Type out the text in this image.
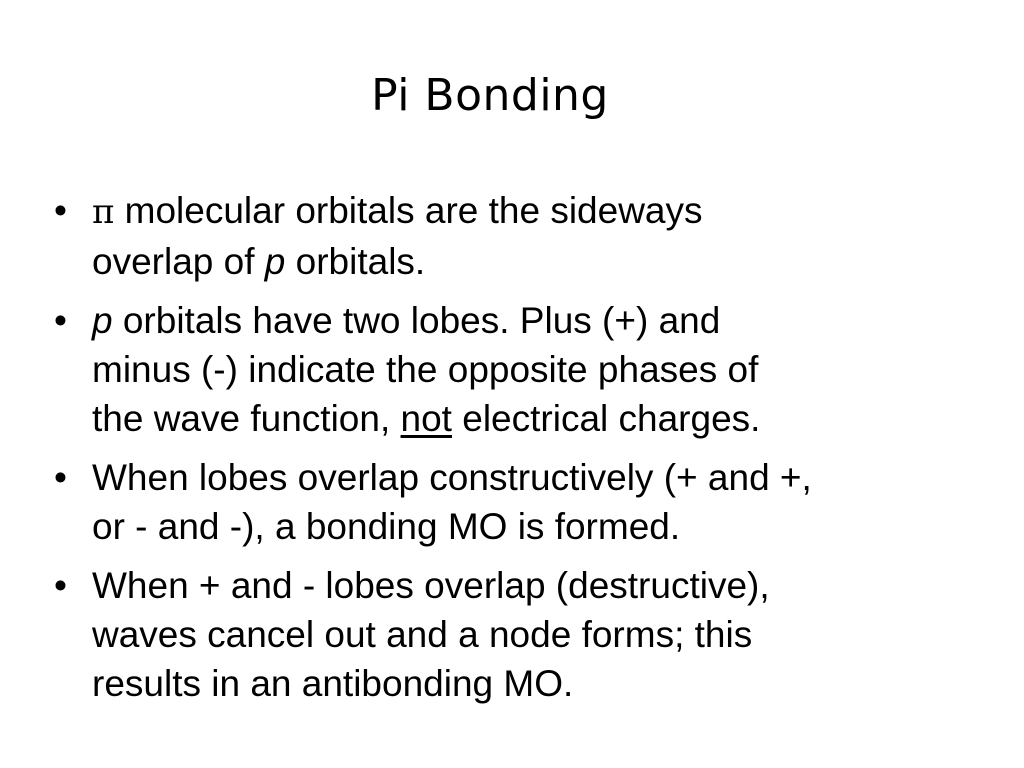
Pi Bonding
• π molecular orbitals are the sideways
overlap of p orbitals.
• p orbitals have two lobes. Plus (+) and
minus (-) indicate the opposite phases of
the wave function, not electrical charges.
• When lobes overlap constructively (+ and +,
or - and -), a bonding MO is formed.
• When + and - lobes overlap (destructive),
waves cancel out and a node forms; this
results in an antibonding MO.
